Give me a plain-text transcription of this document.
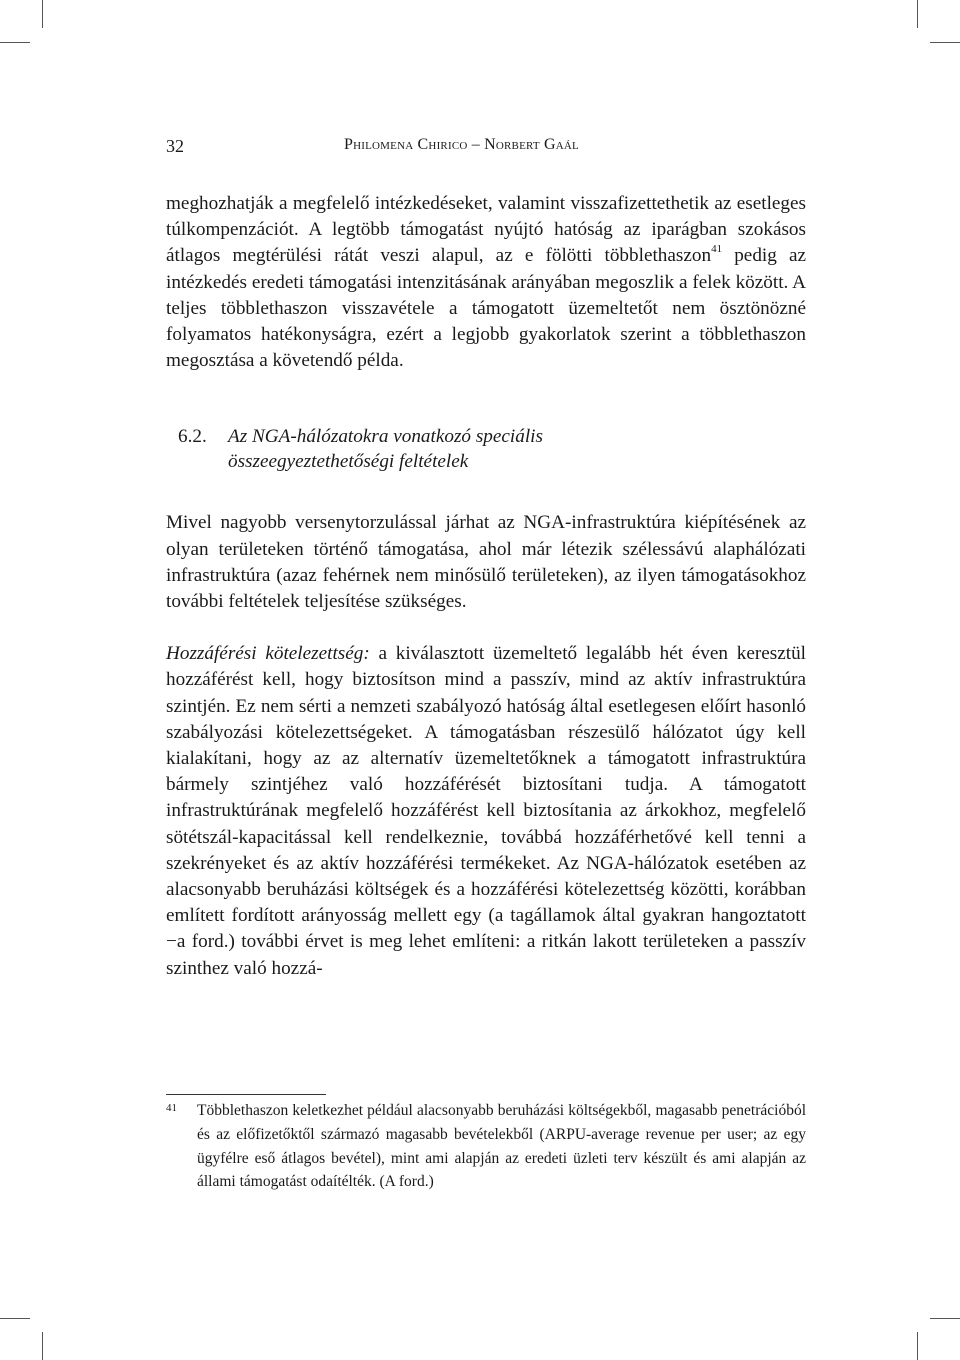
32	Philomena Chirico – Norbert Gaál

meghozhatják a megfelelő intézkedéseket, valamint visszafizettethetik az esetleges túlkompenzációt. A legtöbb támogatást nyújtó hatóság az iparágban szokásos átlagos megtérülési rátát veszi alapul, az e fölötti többlethaszon$^{41}$ pedig az intézkedés eredeti támogatási intenzitásának arányában megoszlik a felek között. A teljes többlethaszon visszavétele a támogatott üzemeltetőt nem ösztönözné folyamatos hatékonyságra, ezért a legjobb gyakorlatok szerint a többlethaszon megosztása a követendő példa.

6.2. Az NGA-hálózatokra vonatkozó speciális
összeegyeztethetőségi feltételek

Mivel nagyobb versenytorzulással járhat az NGA-infrastruktúra kiépítésének az olyan területeken történő támogatása, ahol már létezik szélessávú alaphálózati infrastruktúra (azaz fehérnek nem minősülő területeken), az ilyen támogatásokhoz további feltételek teljesítése szükséges.

Hozzáférési kötelezettség: a kiválasztott üzemeltető legalább hét éven keresztül hozzáférést kell, hogy biztosítson mind a passzív, mind az aktív infrastruktúra szintjén. Ez nem sérti a nemzeti szabályozó hatóság által esetlegesen előírt hasonló szabályozási kötelezettségeket. A támogatásban részesülő hálózatot úgy kell kialakítani, hogy az az alternatív üzemeltetőknek a támogatott infrastruktúra bármely szintjéhez való hozzáférését biztosítani tudja. A támogatott infrastruktúrának megfelelő hozzáférést kell biztosítania az árkokhoz, megfelelő sötétszál-kapacitással kell rendelkeznie, továbbá hozzáférhetővé kell tenni a szekrényeket és az aktív hozzáférési termékeket. Az NGA-hálózatok esetében az alacsonyabb beruházási költségek és a hozzáférési kötelezettség közötti, korábban említett fordított arányosság mellett egy (a tagállamok által gyakran hangoztatott −a ford.) további érvet is meg lehet említeni: a ritkán lakott területeken a passzív szinthez való hozzá-

41 Többlethaszon keletkezhet például alacsonyabb beruházási költségekből, magasabb penetrációból és az előfizetőktől származó magasabb bevételekből (ARPU-average revenue per user; az egy ügyfélre eső átlagos bevétel), mint ami alapján az eredeti üzleti terv készült és ami alapján az állami támogatást odaítélték. (A ford.)
